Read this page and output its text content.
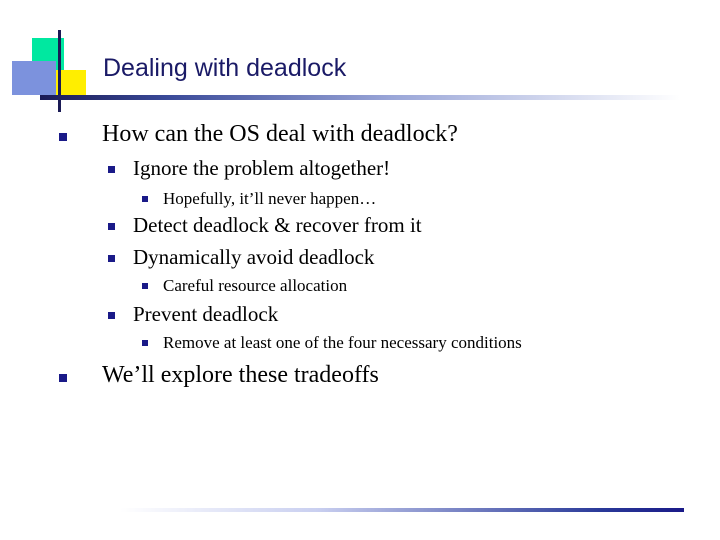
Dealing with deadlock
How can the OS deal with deadlock?
Ignore the problem altogether!
Hopefully, it’ll never happen…
Detect deadlock & recover from it
Dynamically avoid deadlock
Careful resource allocation
Prevent deadlock
Remove at least one of the four necessary conditions
We’ll explore these tradeoffs
